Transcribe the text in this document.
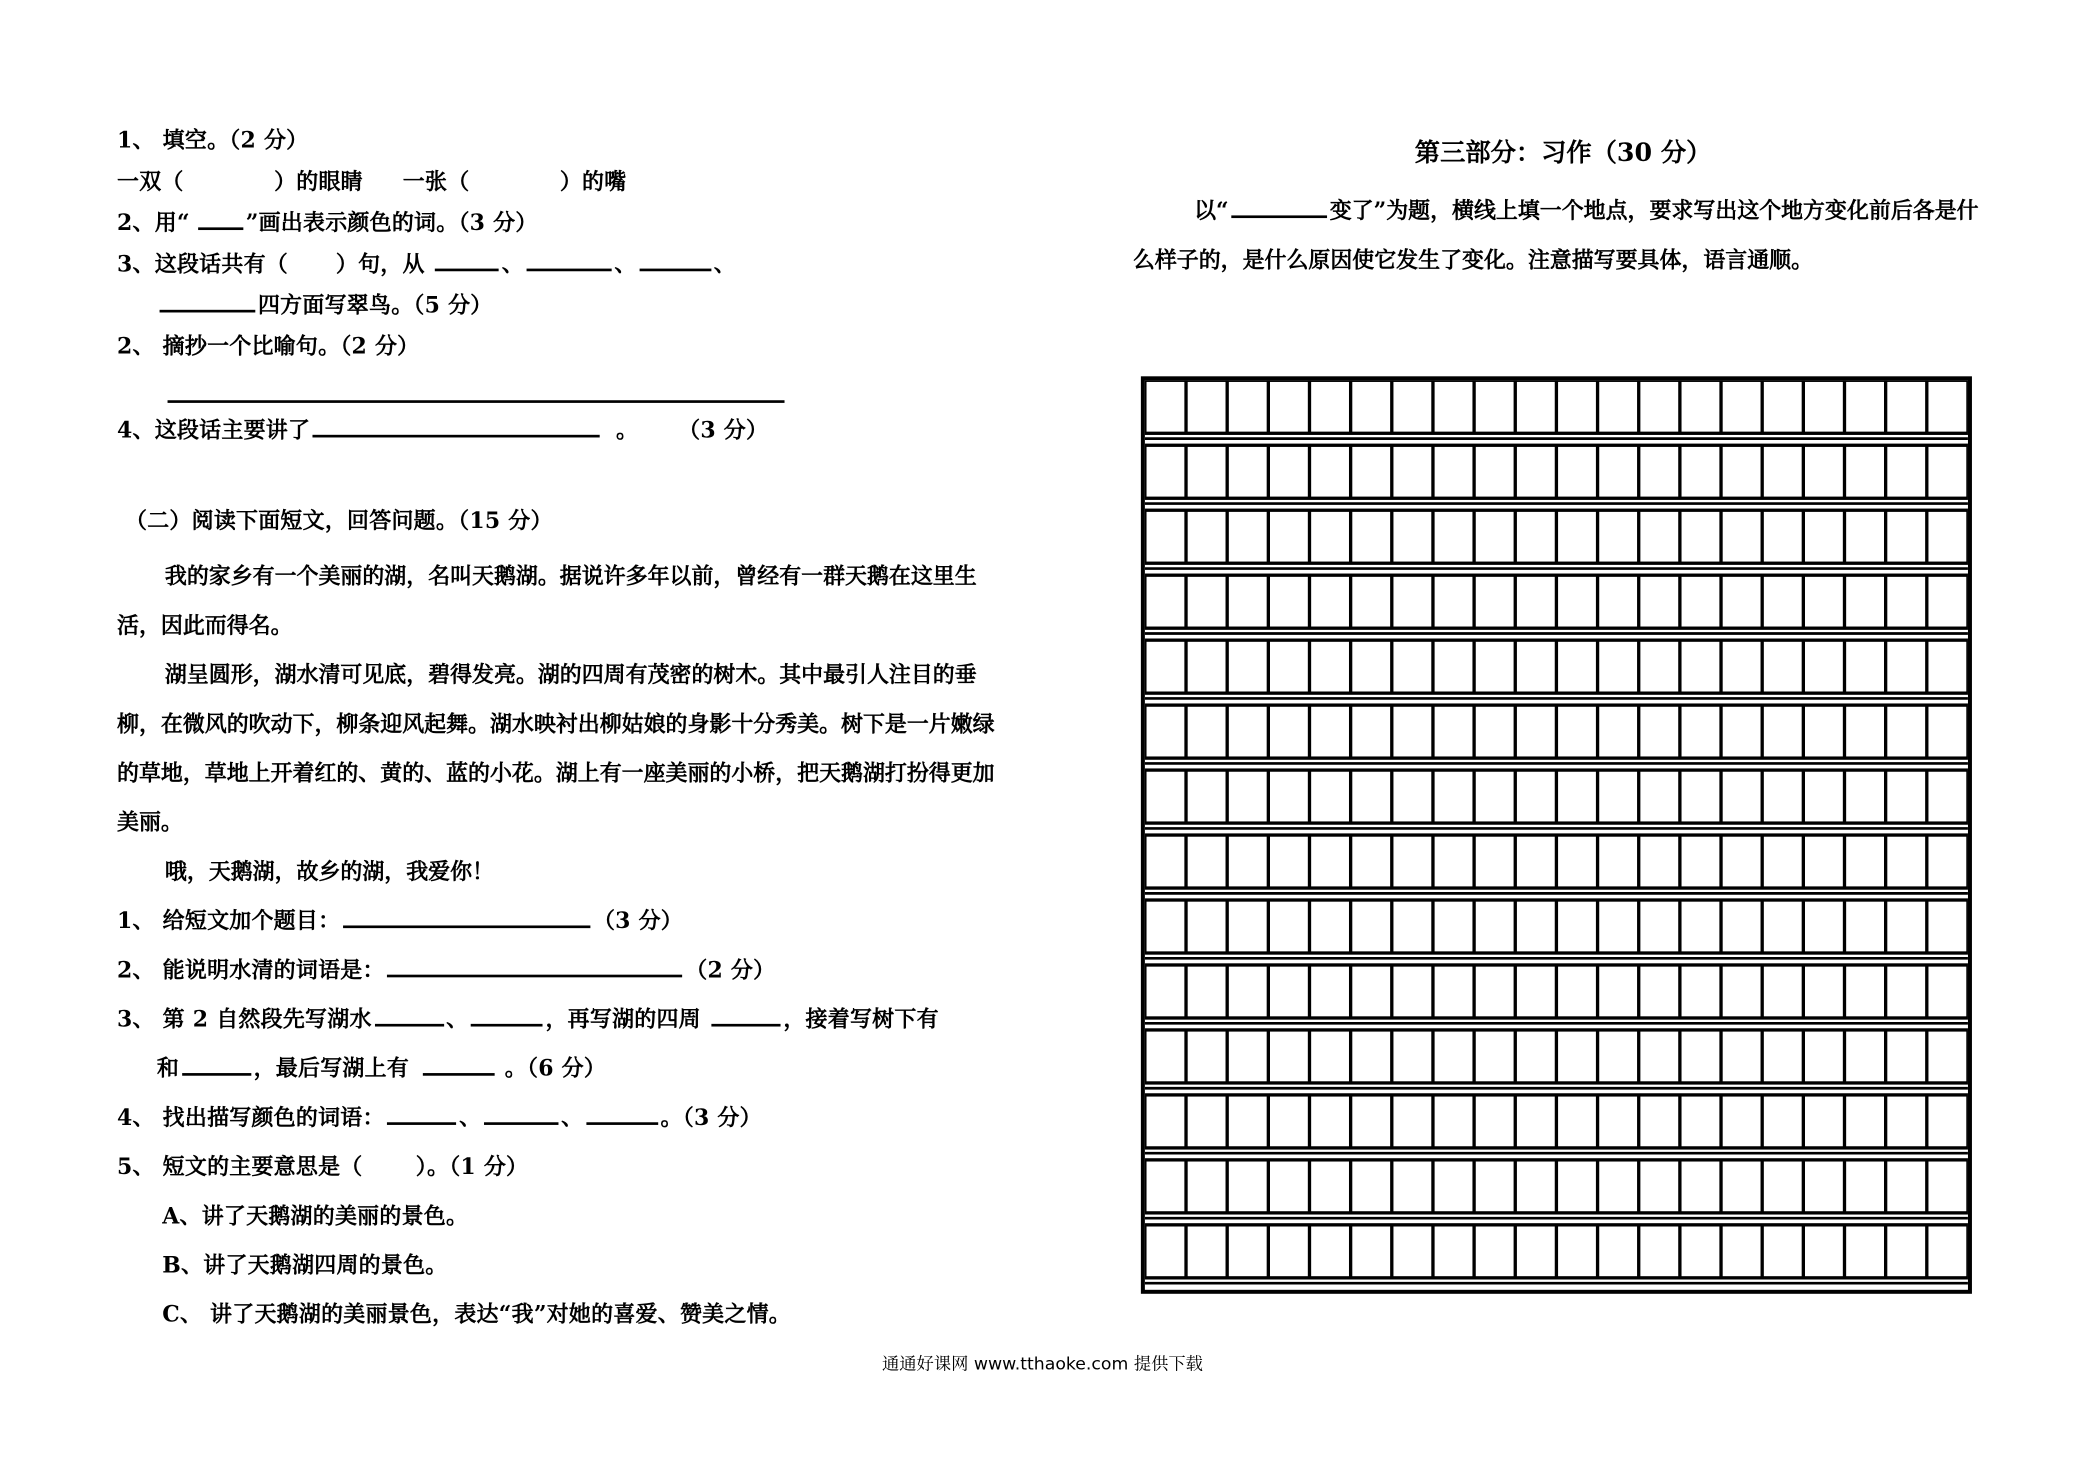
1、 填空。（2 分）
一双（	）的眼睛 一张（	）的嘴
2、用“	”画出表示颜色的词。（3 分）
3、这段话共有（	）句，从	、	、	、
四方面写翠鸟。（5 分）
2、 摘抄一个比喻句。（2 分）
4、这段话主要讲了	。 （3 分）
（二）阅读下面短文，回答问题。（15 分）
我的家乡有一个美丽的湖，名叫天鹅湖。据说许多年以前，曾经有一群天鹅在这里生活，因此而得名。
湖呈圆形，湖水清可见底，碧得发亮。湖的四周有茂密的树木。其中最引人注目的垂柳，在微风的吹动下，柳条迎风起舞。湖水映衬出柳姑娘的身影十分秀美。树下是一片嫩绿的草地，草地上开着红的、黄的、蓝的小花。湖上有一座美丽的小桥，把天鹅湖打扮得更加美丽。
哦，天鹅湖，故乡的湖，我爱你！
1、 给短文加个题目：	（3 分）
2、 能说明水清的词语是：	（2 分）
3、 第 2 自然段先写湖水	、	，再写湖的四周	，接着写树下有
和	，最后写湖上有	。（6 分）
4、 找出描写颜色的词语：	、	、	。（3 分）
5、 短文的主要意思是（	）。（1 分）
A、讲了天鹅湖的美丽的景色。
B、讲了天鹅湖四周的景色。
C、 讲了天鹅湖的美丽景色，表达“我”对她的喜爱、赞美之情。
第三部分：习作（30 分）
以“	变了”为题，横线上填一个地点，要求写出这个地方变化前后各是什么样子的，是什么原因使它发生了变化。注意描写要具体，语言通顺。
通通好课网 www.tthaoke.com 提供下载
